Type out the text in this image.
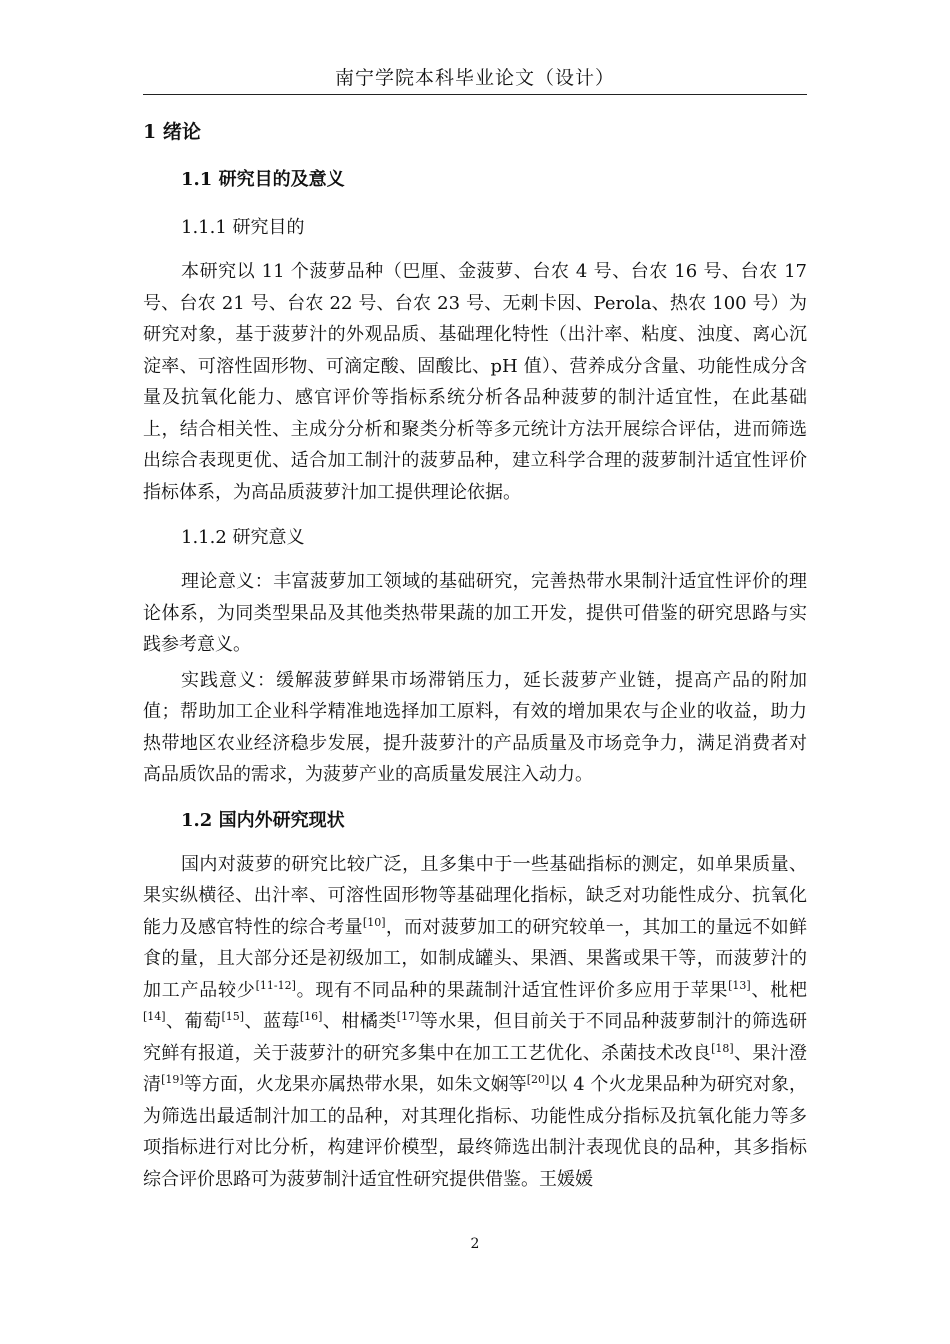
南宁学院本科毕业论文（设计）
1 绪论
1.1 研究目的及意义
1.1.1 研究目的

本研究以 11 个菠萝品种（巴厘、金菠萝、台农 4 号、台农 16 号、台农 17 号、台农 21 号、台农 22 号、台农 23 号、无刺卡因、Perola、热农 100 号）为研究对象，基于菠萝汁的外观品质、基础理化特性（出汁率、粘度、浊度、离心沉淀率、可溶性固形物、可滴定酸、固酸比、pH 值）、营养成分含量、功能性成分含量及抗氧化能力、感官评价等指标系统分析各品种菠萝的制汁适宜性，在此基础上，结合相关性、主成分分析和聚类分析等多元统计方法开展综合评估，进而筛选出综合表现更优、适合加工制汁的菠萝品种，建立科学合理的菠萝制汁适宜性评价指标体系，为高品质菠萝汁加工提供理论依据。

1.1.2 研究意义

理论意义：丰富菠萝加工领域的基础研究，完善热带水果制汁适宜性评价的理论体系，为同类型果品及其他类热带果蔬的加工开发，提供可借鉴的研究思路与实践参考意义。

实践意义：缓解菠萝鲜果市场滞销压力，延长菠萝产业链，提高产品的附加值；帮助加工企业科学精准地选择加工原料，有效的增加果农与企业的收益，助力热带地区农业经济稳步发展，提升菠萝汁的产品质量及市场竞争力，满足消费者对高品质饮品的需求，为菠萝产业的高质量发展注入动力。

1.2 国内外研究现状

国内对菠萝的研究比较广泛，且多集中于一些基础指标的测定，如单果质量、果实纵横径、出汁率、可溶性固形物等基础理化指标，缺乏对功能性成分、抗氧化能力及感官特性的综合考量[10]，而对菠萝加工的研究较单一，其加工的量远不如鲜食的量，且大部分还是初级加工，如制成罐头、果酒、果酱或果干等，而菠萝汁的加工产品较少[11-12]。现有不同品种的果蔬制汁适宜性评价多应用于苹果[13]、枇杷[14]、葡萄[15]、蓝莓[16]、柑橘类[17]等水果，但目前关于不同品种菠萝制汁的筛选研究鲜有报道，关于菠萝汁的研究多集中在加工工艺优化、杀菌技术改良[18]、果汁澄清[19]等方面，火龙果亦属热带水果，如朱文娴等[20]以 4 个火龙果品种为研究对象，为筛选出最适制汁加工的品种，对其理化指标、功能性成分指标及抗氧化能力等多项指标进行对比分析，构建评价模型，最终筛选出制汁表现优良的品种，其多指标综合评价思路可为菠萝制汁适宜性研究提供借鉴。王媛媛

2
